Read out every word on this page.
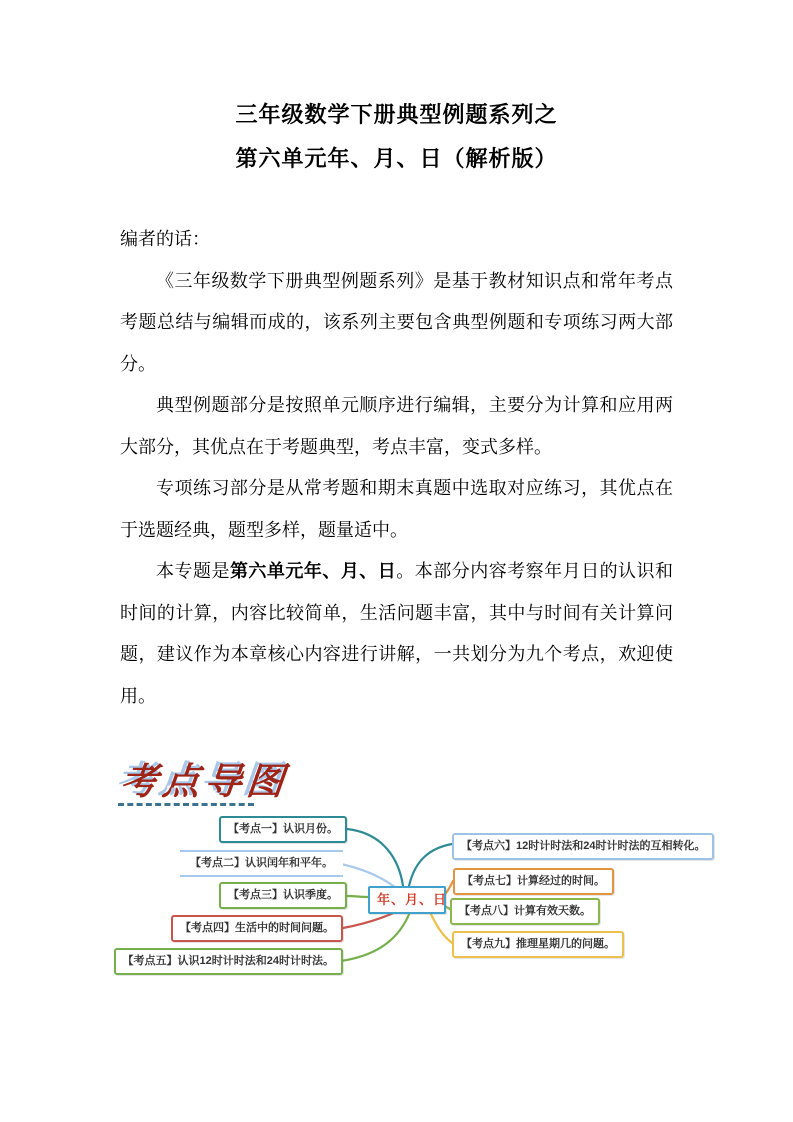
三年级数学下册典型例题系列之
第六单元年、月、日（解析版）

编者的话：

《三年级数学下册典型例题系列》是基于教材知识点和常年考点考题总结与编辑而成的，该系列主要包含典型例题和专项练习两大部分。

典型例题部分是按照单元顺序进行编辑，主要分为计算和应用两大部分，其优点在于考题典型，考点丰富，变式多样。

专项练习部分是从常考题和期末真题中选取对应练习，其优点在于选题经典，题型多样，题量适中。

本专题是第六单元年、月、日。本部分内容考察年月日的认识和时间的计算，内容比较简单，生活问题丰富，其中与时间有关计算问题，建议作为本章核心内容进行讲解，一共划分为九个考点，欢迎使用。

考点导图
【考点一】认识月份。
【考点二】认识闰年和平年。
【考点三】认识季度。
【考点四】生活中的时间问题。
【考点五】认识12时计时法和24时计时法。
【考点六】12时计时法和24时计时法的互相转化。
【考点七】计算经过的时间。
【考点八】计算有效天数。
【考点九】推理星期几的问题。
年、月、日
